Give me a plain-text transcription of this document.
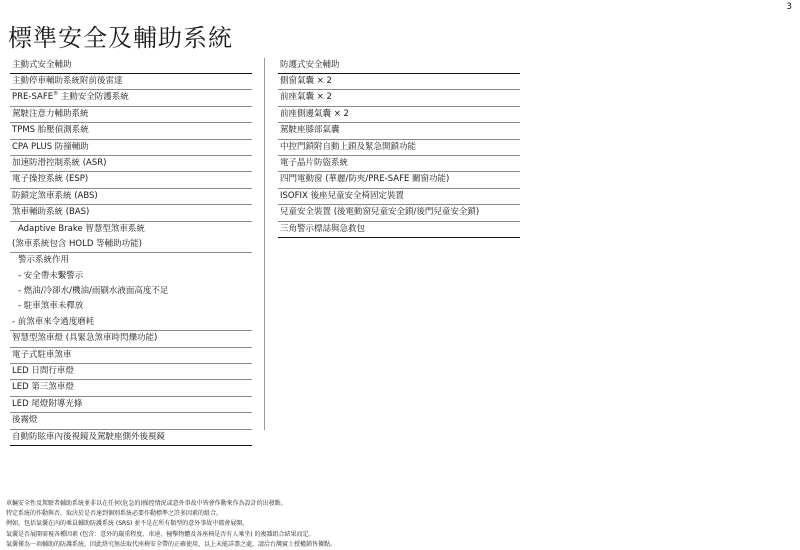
3
標準安全及輔助系統
主動式安全輔助
主動停車輔助系統附前後雷達
PRE-SAFE® 主動安全防護系統
駕駛注意力輔助系統
TPMS 胎壓偵測系統
CPA PLUS 防撞輔助
加速防滑控制系統 (ASR)
電子操控系統 (ESP)
防鎖定煞車系統 (ABS)
煞車輔助系統 (BAS)
Adaptive Brake 智慧型煞車系統
(煞車系統包含 HOLD 等輔助功能)
警示系統作用
- 安全帶未繫警示
- 燃油/冷卻水/機油/雨刷水液面高度不足
- 駐車煞車未釋放
- 前煞車來令過度磨耗
智慧型煞車燈 (具緊急煞車時閃爍功能)
電子式駐車煞車
LED 日間行車燈
LED 第三煞車燈
LED 尾燈附導光條
後霧燈
自動防眩車內後視鏡及駕駛座側外後視鏡
防護式安全輔助
側窗氣囊 × 2
前座氣囊 × 2
前座側邊氣囊 × 2
駕駛座膝部氣囊
中控門鎖附自動上鎖及緊急開鎖功能
電子晶片防盜系統
四門電動窗 (華麗/防夾/PRE-SAFE 關窗功能)
ISOFIX 後座兒童安全椅固定裝置
兒童安全裝置 (後電動窗兒童安全鎖/後門兒童安全鎖)
三角警示標誌與急救包

車輛安全性及駕駛者輔助系統並非以在任何(危急的)操控情況或意外事故中皆會作動來作為設計的出發點。

特定系統的作動與否，取決於是否達到個別系統必要作動標準之許多因素的組合。

例如，包括氣囊在內的乘員輔助防護系統 (SRS) 並不是在所有類型的意外事故中都會展開。

氣囊是否展開需視各種因素 (包含：意外的嚴重程度、車速、撞擊物體及各座椅是否有人乘坐) 的複雜組合結果而定。

氣囊僅為一項輔助的防護系統，因此終究無法取代座椅安全帶的正確使用，以上未能詳盡之處，請洽台灣賓士授權銷售據點。
